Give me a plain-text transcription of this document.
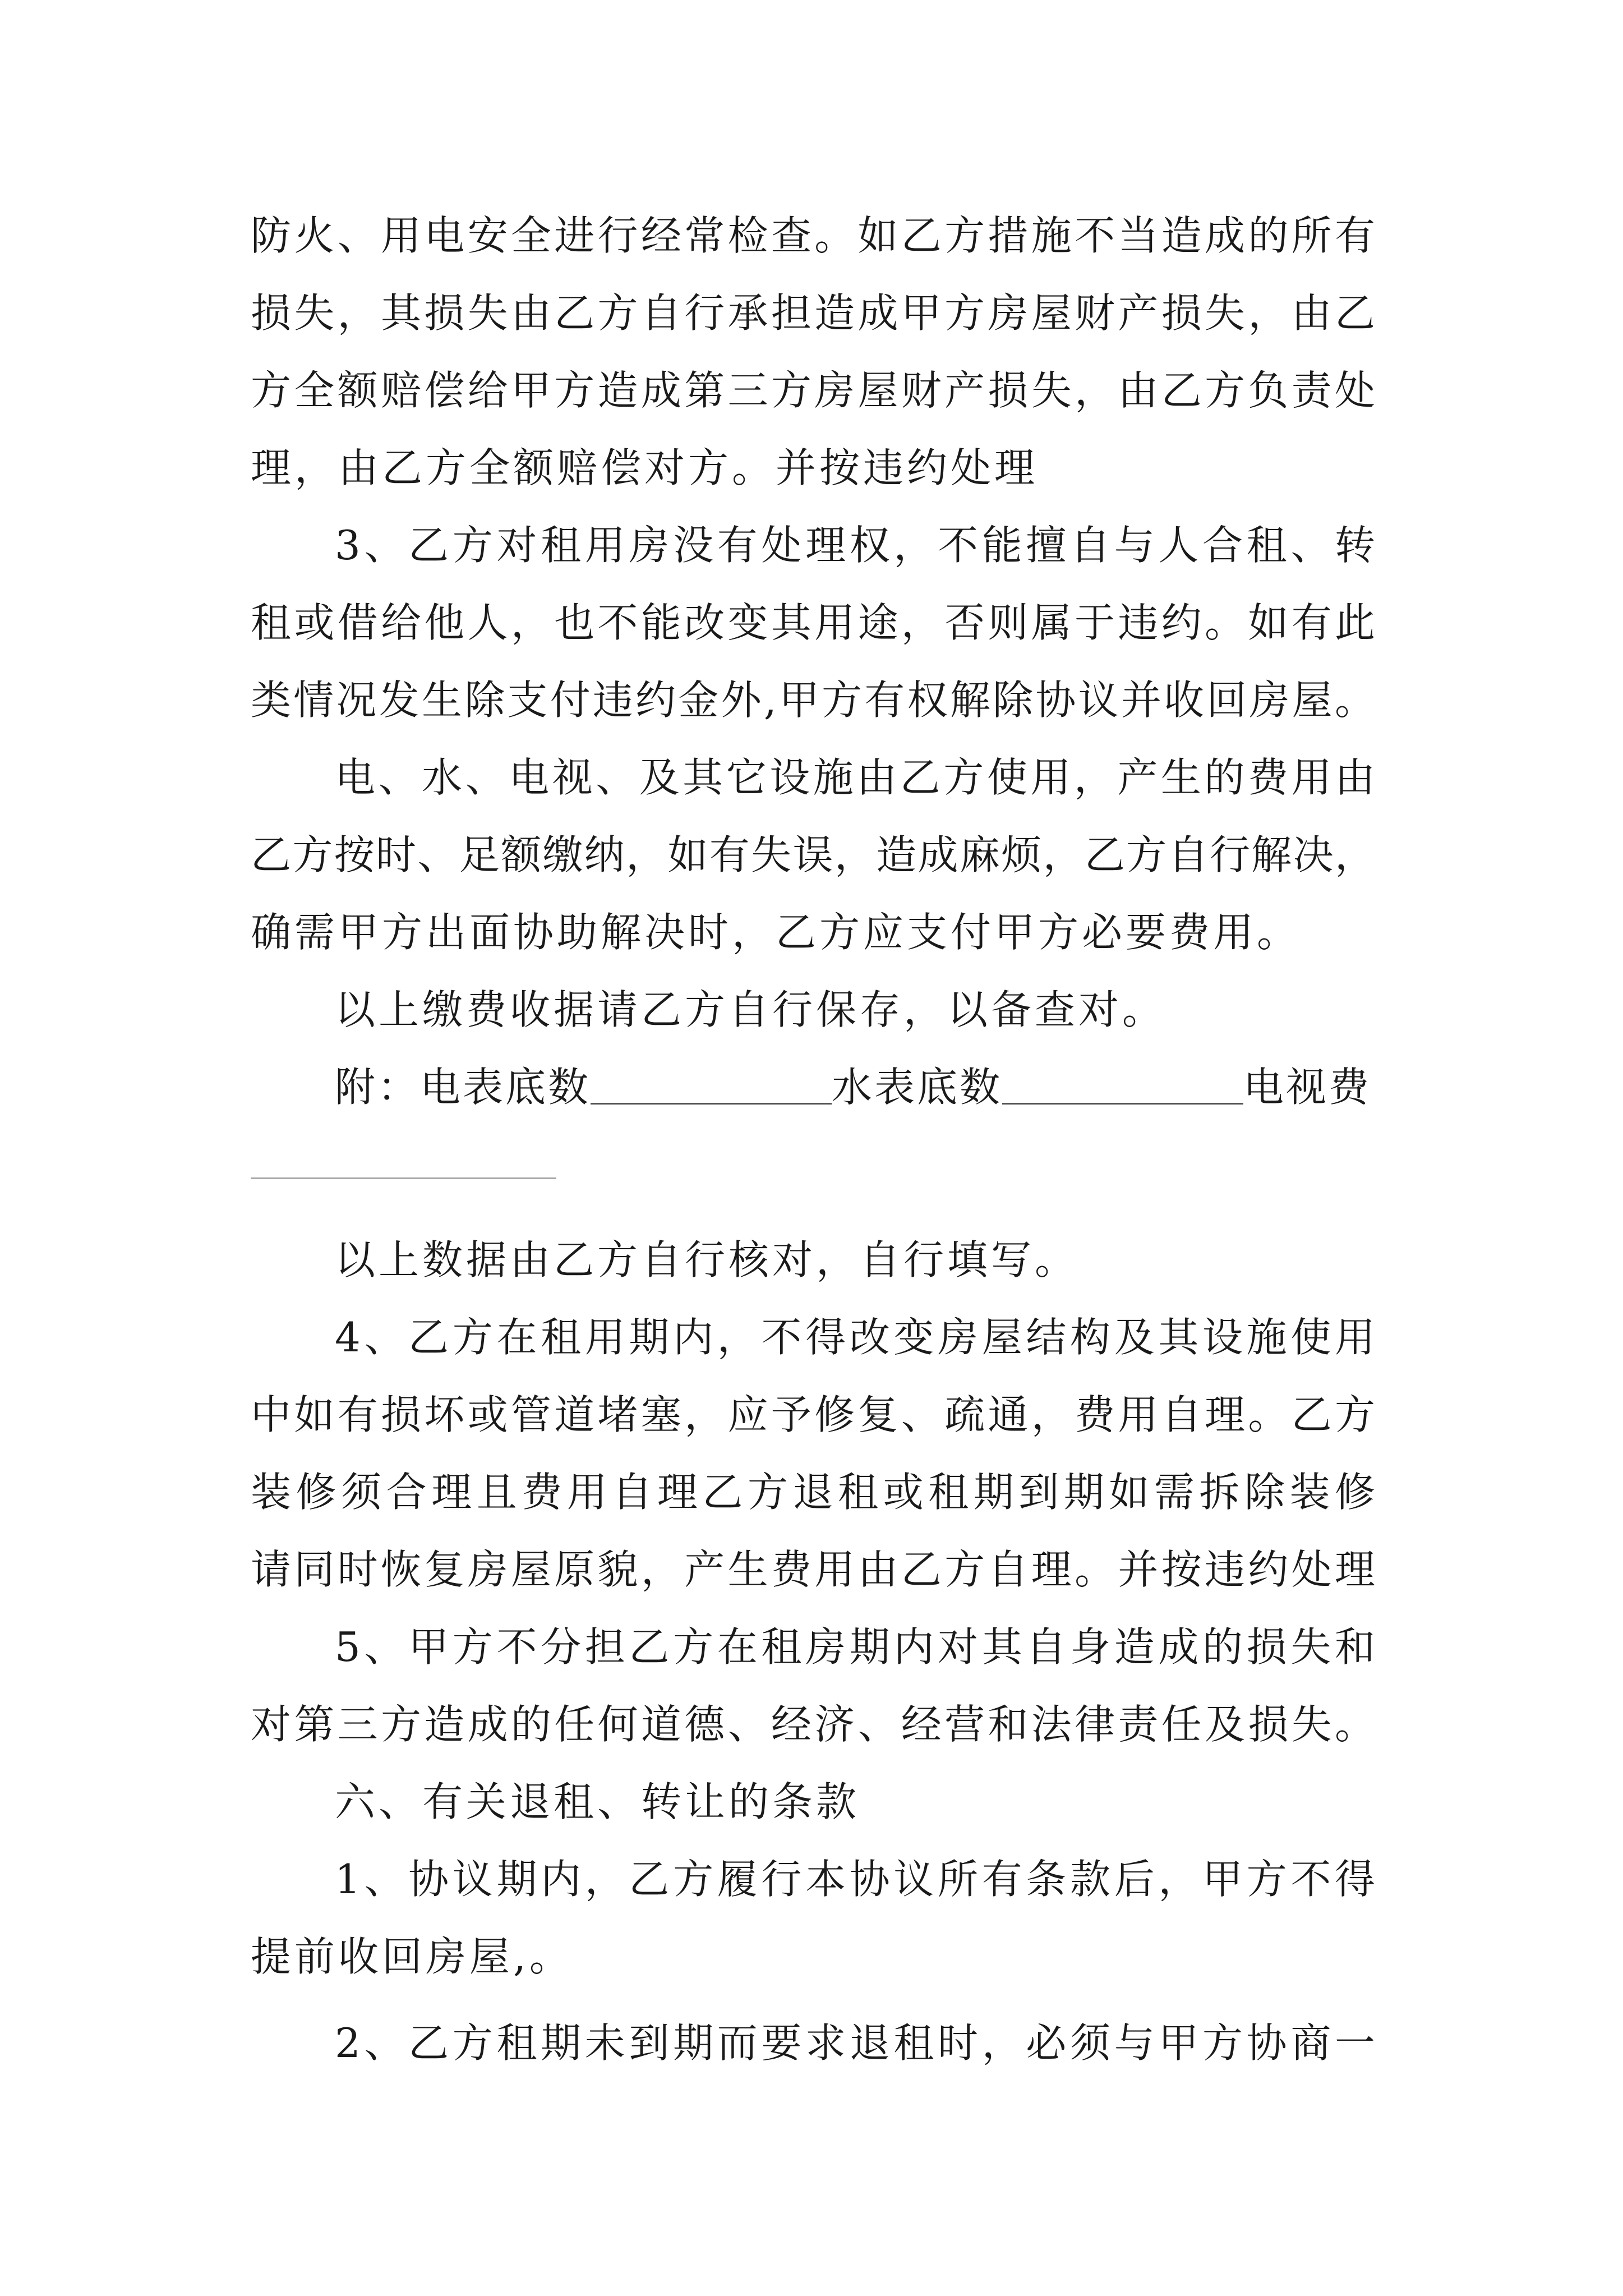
防火、用电安全进行经常检查。如乙方措施不当造成的所有
损失，其损失由乙方自行承担造成甲方房屋财产损失，由乙
方全额赔偿给甲方造成第三方房屋财产损失，由乙方负责处
理，由乙方全额赔偿对方。并按违约处理
3、乙方对租用房没有处理权，不能擅自与人合租、转
租或借给他人，也不能改变其用途，否则属于违约。如有此
类情况发生除支付违约金外,甲方有权解除协议并收回房屋。
电、水、电视、及其它设施由乙方使用，产生的费用由
乙方按时、足额缴纳，如有失误，造成麻烦，乙方自行解决，
确需甲方出面协助解决时，乙方应支付甲方必要费用。
以上缴费收据请乙方自行保存，以备查对。
附：电表底数	水表底数	电视费
以上数据由乙方自行核对，自行填写。
4、乙方在租用期内，不得改变房屋结构及其设施使用
中如有损坏或管道堵塞，应予修复、疏通，费用自理。乙方
装修须合理且费用自理乙方退租或租期到期如需拆除装修
请同时恢复房屋原貌，产生费用由乙方自理。并按违约处理
5、甲方不分担乙方在租房期内对其自身造成的损失和
对第三方造成的任何道德、经济、经营和法律责任及损失。
六、有关退租、转让的条款
1、协议期内，乙方履行本协议所有条款后，甲方不得
提前收回房屋,。
2、乙方租期未到期而要求退租时，必须与甲方协商一
